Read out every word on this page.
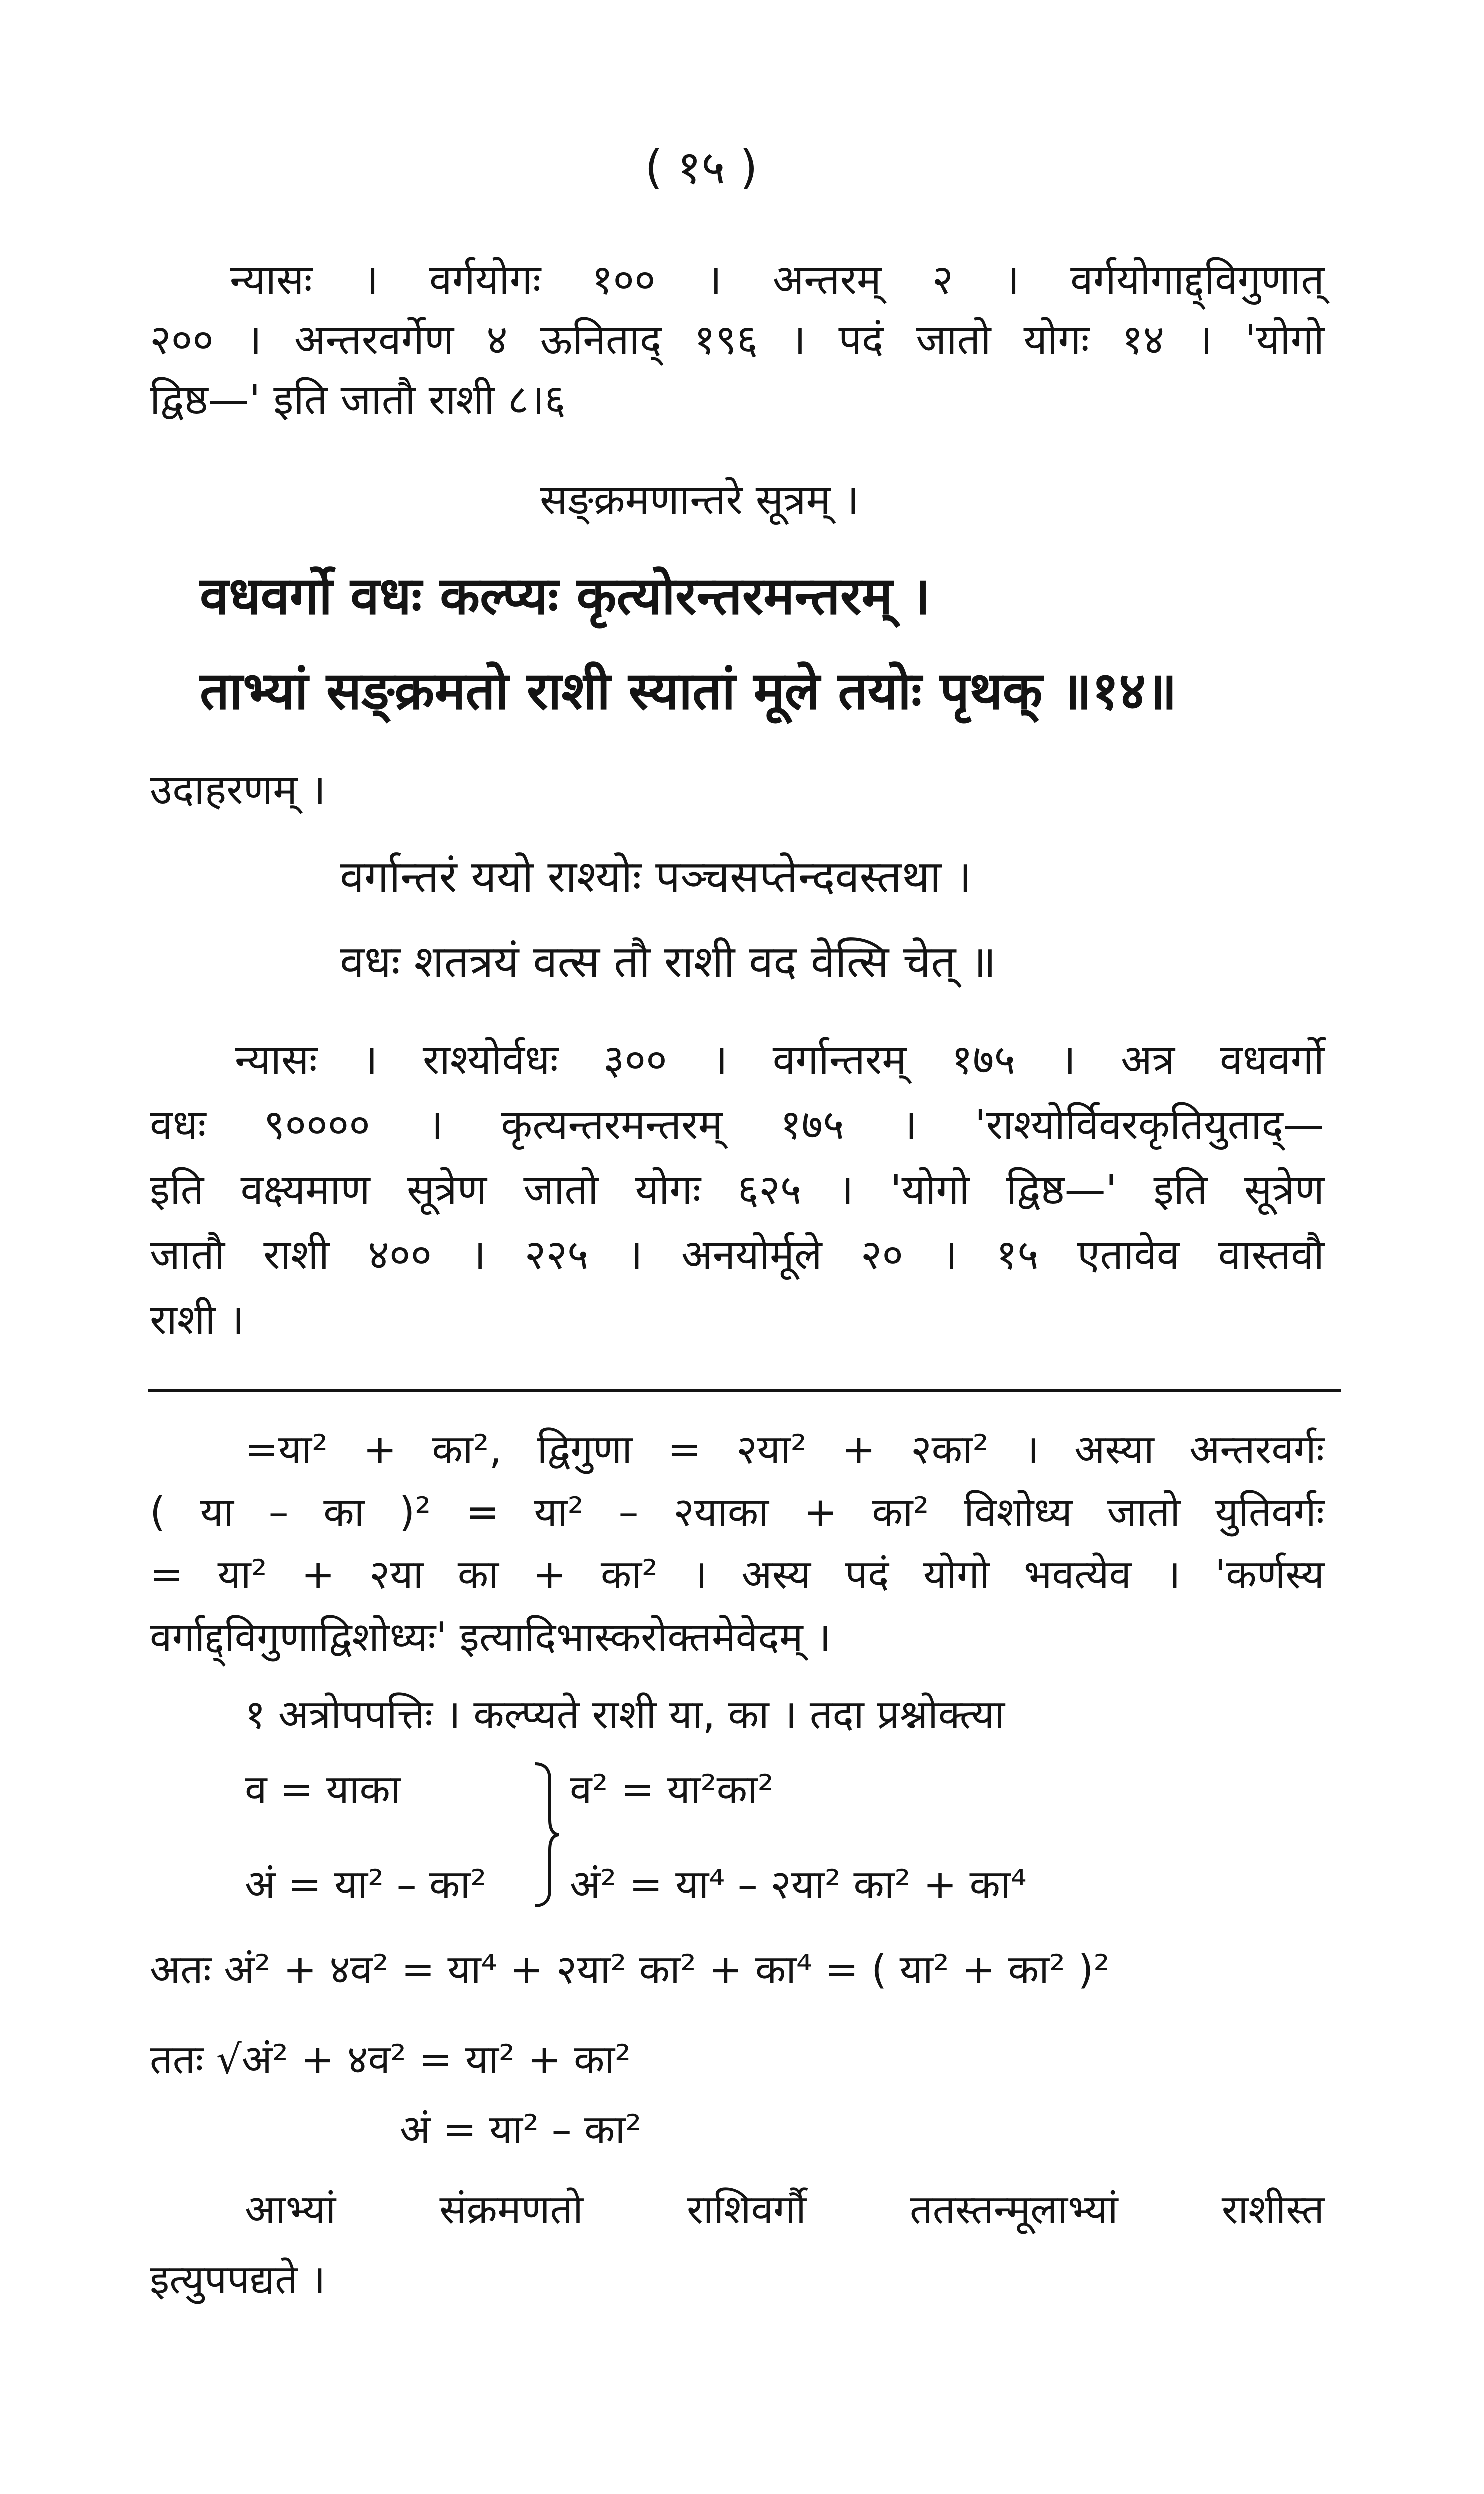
( १५ )
न्यासः । वर्गयोगः १०० । अन्तरम् २ । वर्गयोगाद्द्विगुणात्
२०० । अन्तरवर्गेण ४ ऊनिताद् १९६ । पदं जातो योगः १४ । 'योगो
द्विष्ठ—' इति जातौ राशी ८।६
सङ्क्रमणान्तरे सूत्रम् ।
वधवर्गो वधः कल्प्यः कृत्योरन्तरमन्तरम् ।
ताभ्यां सङ्क्रमतो राशी स्यातां मूले तयोः पृथक् ॥१४॥
उदाहरणम् ।
वर्गान्तरं ययो राश्योः पञ्चसप्तेन्दवस्तथा ।
वधः शतत्रयं वत्स तौ राशी वद वेत्सि चेत् ॥
न्यासः । राश्योर्वधः ३०० । वर्गान्तरम् १७५ । अत्र वधवर्गो
वधः ९०००० । कृत्यन्तरमन्तरम् १७५ । 'राश्योर्विवरकृतियुताद्—
इति वक्ष्यमाण सूत्रेण जातो योगः ६२५ । 'योगो द्विष्ठ—' इति सूत्रेण
जातौ राशी ४०० । २२५ । अनयोर्मूले २० । १५ एतावेव वास्तवौ
राशी ।
=या² + का², द्विगुणा = २या² + २का² । अस्या अन्तरवर्गः
( या – का )² = या² – २याका + का² विशोध्य जातो युतिवर्गः
= या² + २या का + का² । अस्य पदं योगो भवत्येव । 'कर्णस्य
वर्गाद्द्विगुणाद्विशोध्यः' इत्यादिभास्करोक्तमेवेदम् ।
१ अत्रोपपत्तिः । कल्प्यते राशी या, का । तदा प्रश्नोक्त्या
व = याका	व² = या²का²
अं = या² – का² अं² = या⁴ – २या² का² + का⁴
अतः अं² + ४व² = या⁴ + २या² का² + का⁴ = ( या² + का² )²
ततः √अं² + ४व² = या² + का²
अं = या² – का²
आभ्यां संक्रमणतो राशिवर्गौ ततस्तन्मूलाभ्यां राशीस्त
इत्युपपद्यते ।
